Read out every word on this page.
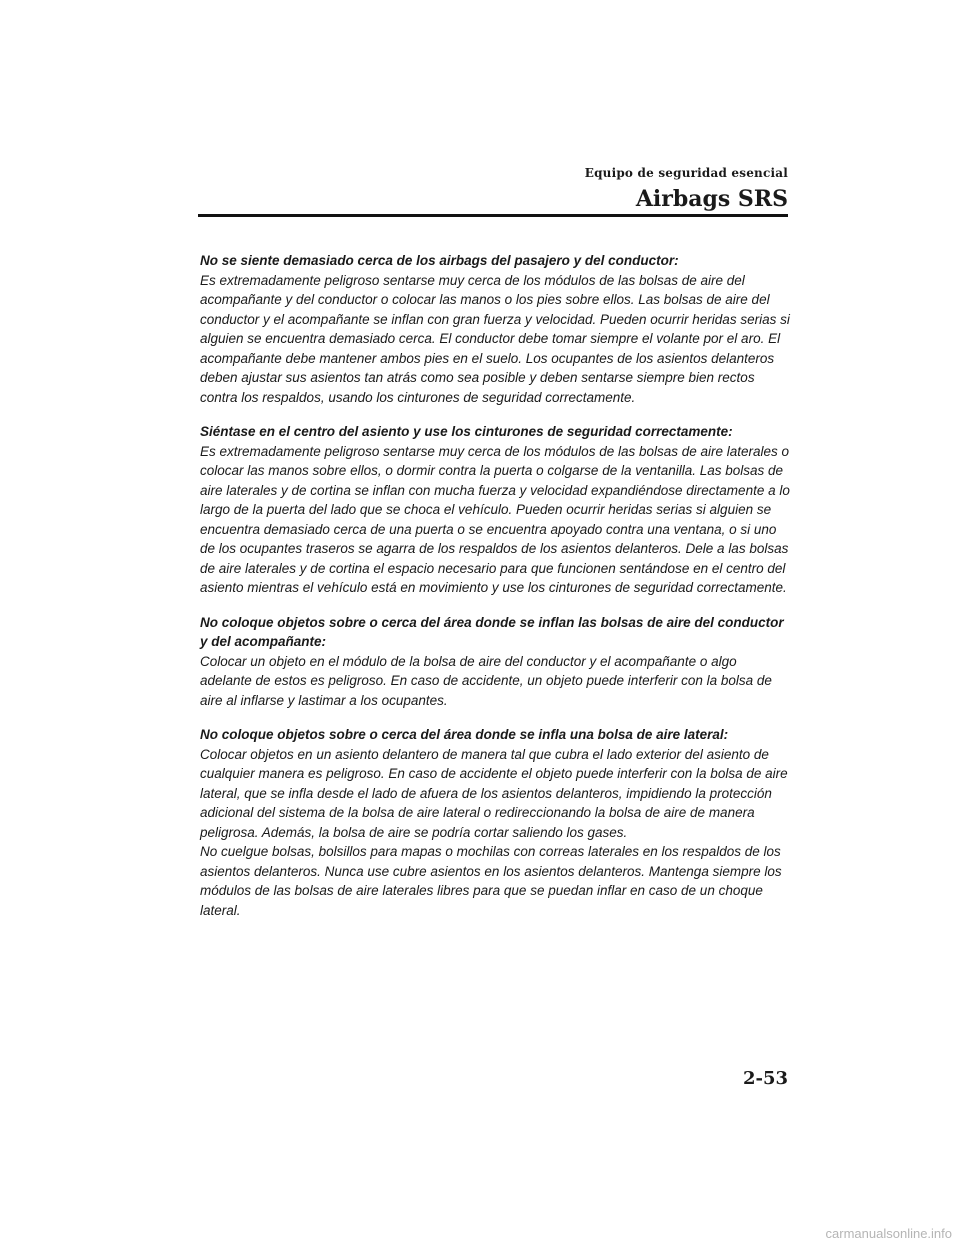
Equipo de seguridad esencial
Airbags SRS
No se siente demasiado cerca de los airbags del pasajero y del conductor:
Es extremadamente peligroso sentarse muy cerca de los módulos de las bolsas de aire del acompañante y del conductor o colocar las manos o los pies sobre ellos. Las bolsas de aire del conductor y el acompañante se inflan con gran fuerza y velocidad. Pueden ocurrir heridas serias si alguien se encuentra demasiado cerca. El conductor debe tomar siempre el volante por el aro. El acompañante debe mantener ambos pies en el suelo. Los ocupantes de los asientos delanteros deben ajustar sus asientos tan atrás como sea posible y deben sentarse siempre bien rectos contra los respaldos, usando los cinturones de seguridad correctamente.
Siéntase en el centro del asiento y use los cinturones de seguridad correctamente:
Es extremadamente peligroso sentarse muy cerca de los módulos de las bolsas de aire laterales o colocar las manos sobre ellos, o dormir contra la puerta o colgarse de la ventanilla. Las bolsas de aire laterales y de cortina se inflan con mucha fuerza y velocidad expandiéndose directamente a lo largo de la puerta del lado que se choca el vehículo. Pueden ocurrir heridas serias si alguien se encuentra demasiado cerca de una puerta o se encuentra apoyado contra una ventana, o si uno de los ocupantes traseros se agarra de los respaldos de los asientos delanteros. Dele a las bolsas de aire laterales y de cortina el espacio necesario para que funcionen sentándose en el centro del asiento mientras el vehículo está en movimiento y use los cinturones de seguridad correctamente.
No coloque objetos sobre o cerca del área donde se inflan las bolsas de aire del conductor y del acompañante:
Colocar un objeto en el módulo de la bolsa de aire del conductor y el acompañante o algo adelante de estos es peligroso. En caso de accidente, un objeto puede interferir con la bolsa de aire al inflarse y lastimar a los ocupantes.
No coloque objetos sobre o cerca del área donde se infla una bolsa de aire lateral:
Colocar objetos en un asiento delantero de manera tal que cubra el lado exterior del asiento de cualquier manera es peligroso. En caso de accidente el objeto puede interferir con la bolsa de aire lateral, que se infla desde el lado de afuera de los asientos delanteros, impidiendo la protección adicional del sistema de la bolsa de aire lateral o redireccionando la bolsa de aire de manera peligrosa. Además, la bolsa de aire se podría cortar saliendo los gases.
No cuelgue bolsas, bolsillos para mapas o mochilas con correas laterales en los respaldos de los asientos delanteros. Nunca use cubre asientos en los asientos delanteros. Mantenga siempre los módulos de las bolsas de aire laterales libres para que se puedan inflar en caso de un choque lateral.
2-53
carmanualsonline.info
